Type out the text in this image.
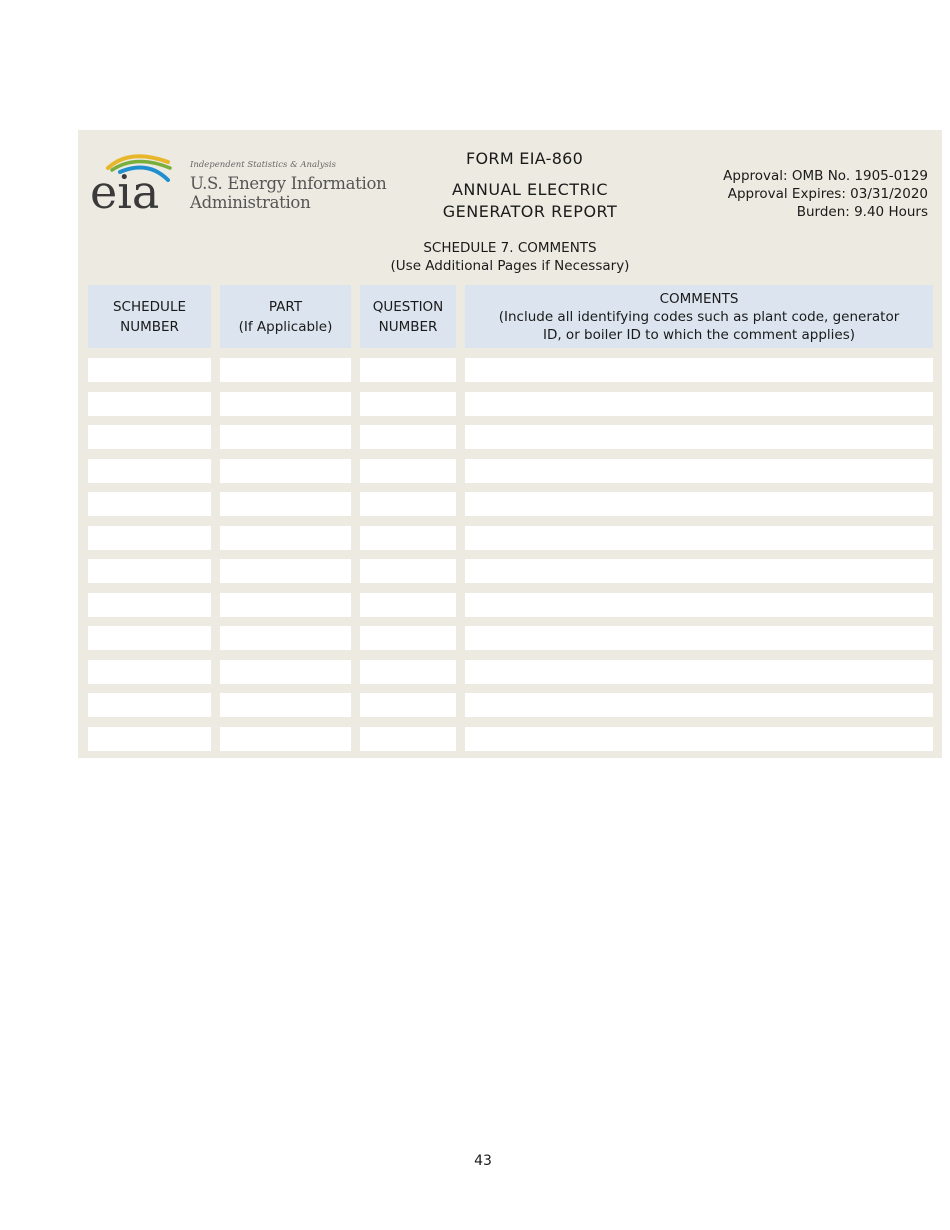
eia	Independent Statistics & Analysis
U.S. Energy Information
Administration
FORM EIA-860
ANNUAL ELECTRIC
GENERATOR REPORT
Approval: OMB No. 1905-0129
Approval Expires: 03/31/2020
Burden: 9.40 Hours
SCHEDULE 7. COMMENTS
(Use Additional Pages if Necessary)
SCHEDULE
NUMBER
PART
(If Applicable)
QUESTION
NUMBER
COMMENTS
(Include all identifying codes such as plant code, generator
ID, or boiler ID to which the comment applies)
43
